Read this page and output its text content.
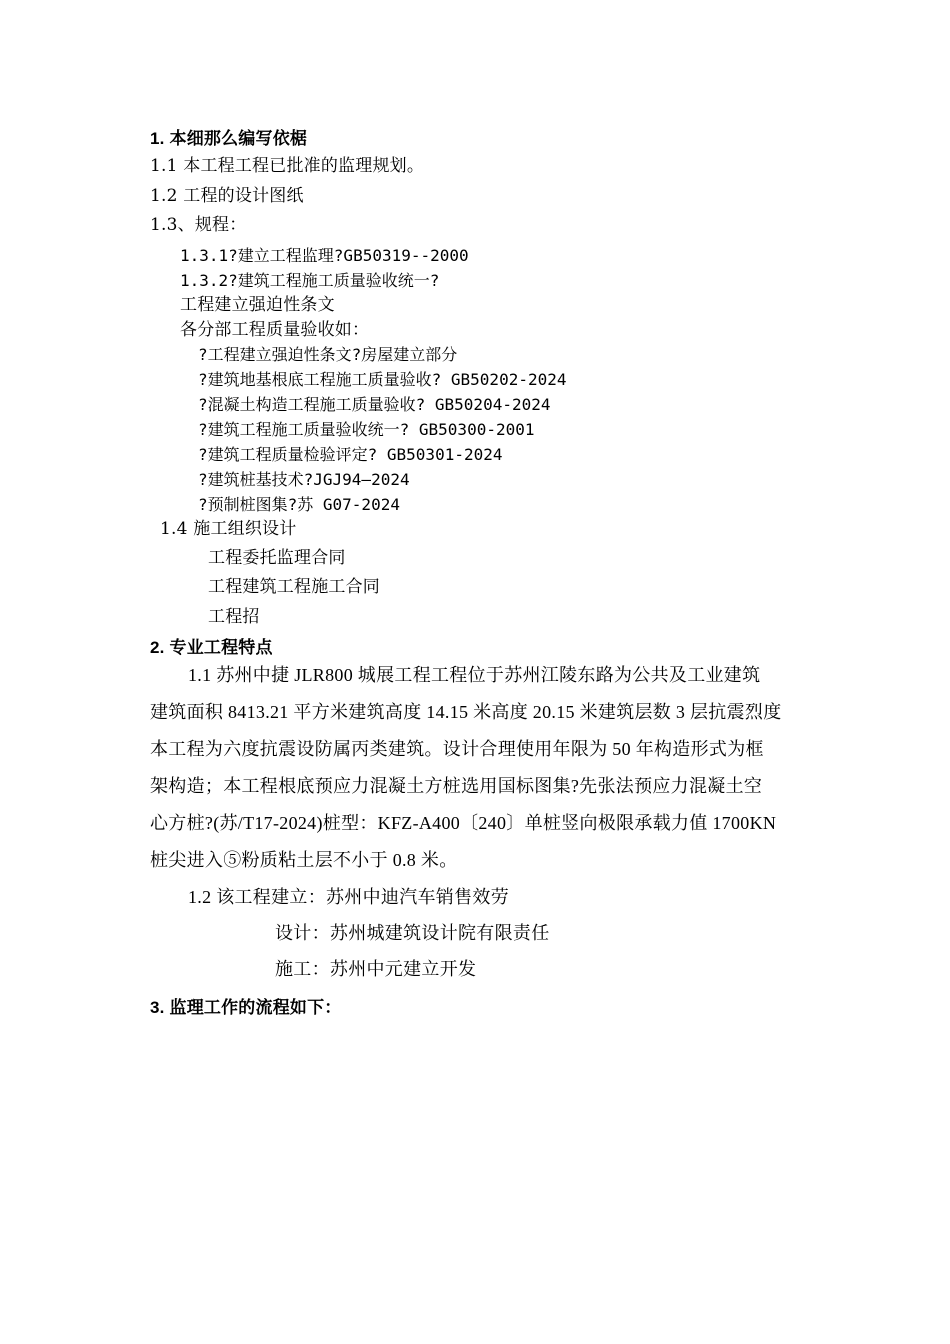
1. 本细那么编写依椐
1.1 本工程工程已批准的监理规划。
1.2 工程的设计图纸
1.3、规程：
1.3.1?建立工程监理?GB50319--2000
1.3.2?建筑工程施工质量验收统一?
工程建立强迫性条文
各分部工程质量验收如：
?工程建立强迫性条文?房屋建立部分
?建筑地基根底工程施工质量验收? GB50202-2024
?混凝土构造工程施工质量验收? GB50204-2024
?建筑工程施工质量验收统一? GB50300-2001
?建筑工程质量检验评定? GB50301-2024
?建筑桩基技术?JGJ94—2024
?预制桩图集?苏 G07-2024
1.4 施工组织设计
工程委托监理合同
工程建筑工程施工合同
工程招
2. 专业工程特点
1.1 苏州中捷 JLR800 城展工程工程位于苏州江陵东路为公共及工业建筑
建筑面积 8413.21 平方米建筑高度 14.15 米高度 20.15 米建筑层数 3 层抗震烈度
本工程为六度抗震设防属丙类建筑。设计合理使用年限为 50 年构造形式为框
架构造；本工程根底预应力混凝土方桩选用国标图集?先张法预应力混凝土空
心方桩?(苏/T17-2024)桩型：KFZ-A400〔240〕单桩竖向极限承载力值 1700KN
桩尖进入⑤粉质粘土层不小于 0.8 米。
1.2 该工程建立：苏州中迪汽车销售效劳
设计：苏州城建筑设计院有限责任
施工：苏州中元建立开发
3. 监理工作的流程如下：
